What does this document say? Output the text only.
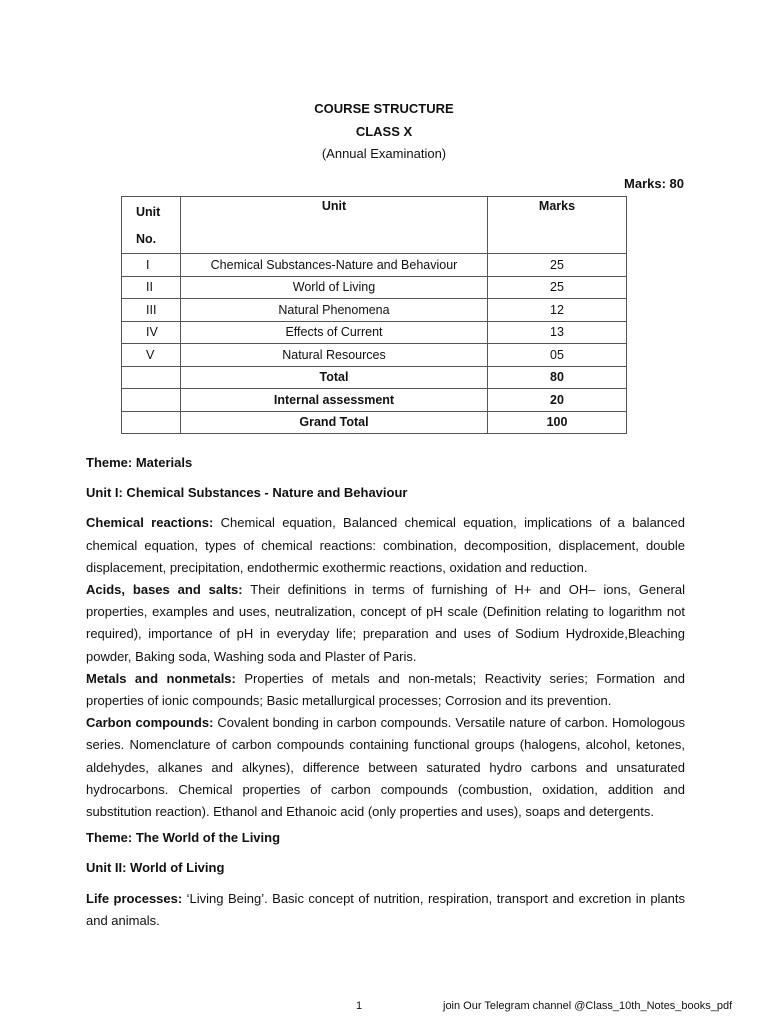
COURSE STRUCTURE
CLASS X
(Annual Examination)
Marks: 80
Unit
No.	Unit	Marks
I	Chemical Substances-Nature and Behaviour	25
II	World of Living	25
III	Natural Phenomena	12
IV	Effects of Current	13
V	Natural Resources	05
	Total	80
	Internal assessment	20
	Grand Total	100

Theme: Materials

Unit I: Chemical Substances - Nature and Behaviour

Chemical reactions: Chemical equation, Balanced chemical equation, implications of a balanced chemical equation, types of chemical reactions: combination, decomposition, displacement, double displacement, precipitation, endothermic exothermic reactions, oxidation and reduction.

Acids, bases and salts: Their definitions in terms of furnishing of H+ and OH– ions, General properties, examples and uses, neutralization, concept of pH scale (Definition relating to logarithm not required), importance of pH in everyday life; preparation and uses of Sodium Hydroxide,Bleaching powder, Baking soda, Washing soda and Plaster of Paris.

Metals and nonmetals: Properties of metals and non-metals; Reactivity series; Formation and properties of ionic compounds; Basic metallurgical processes; Corrosion and its prevention.

Carbon compounds: Covalent bonding in carbon compounds. Versatile nature of carbon. Homologous series. Nomenclature of carbon compounds containing functional groups (halogens, alcohol, ketones, aldehydes, alkanes and alkynes), difference between saturated hydro carbons and unsaturated hydrocarbons. Chemical properties of carbon compounds (combustion, oxidation, addition and substitution reaction). Ethanol and Ethanoic acid (only properties and uses), soaps and detergents.

Theme: The World of the Living

Unit II: World of Living

Life processes: ‘Living Being’. Basic concept of nutrition, respiration, transport and excretion in plants and animals.

1	join Our Telegram channel @Class_10th_Notes_books_pdf
